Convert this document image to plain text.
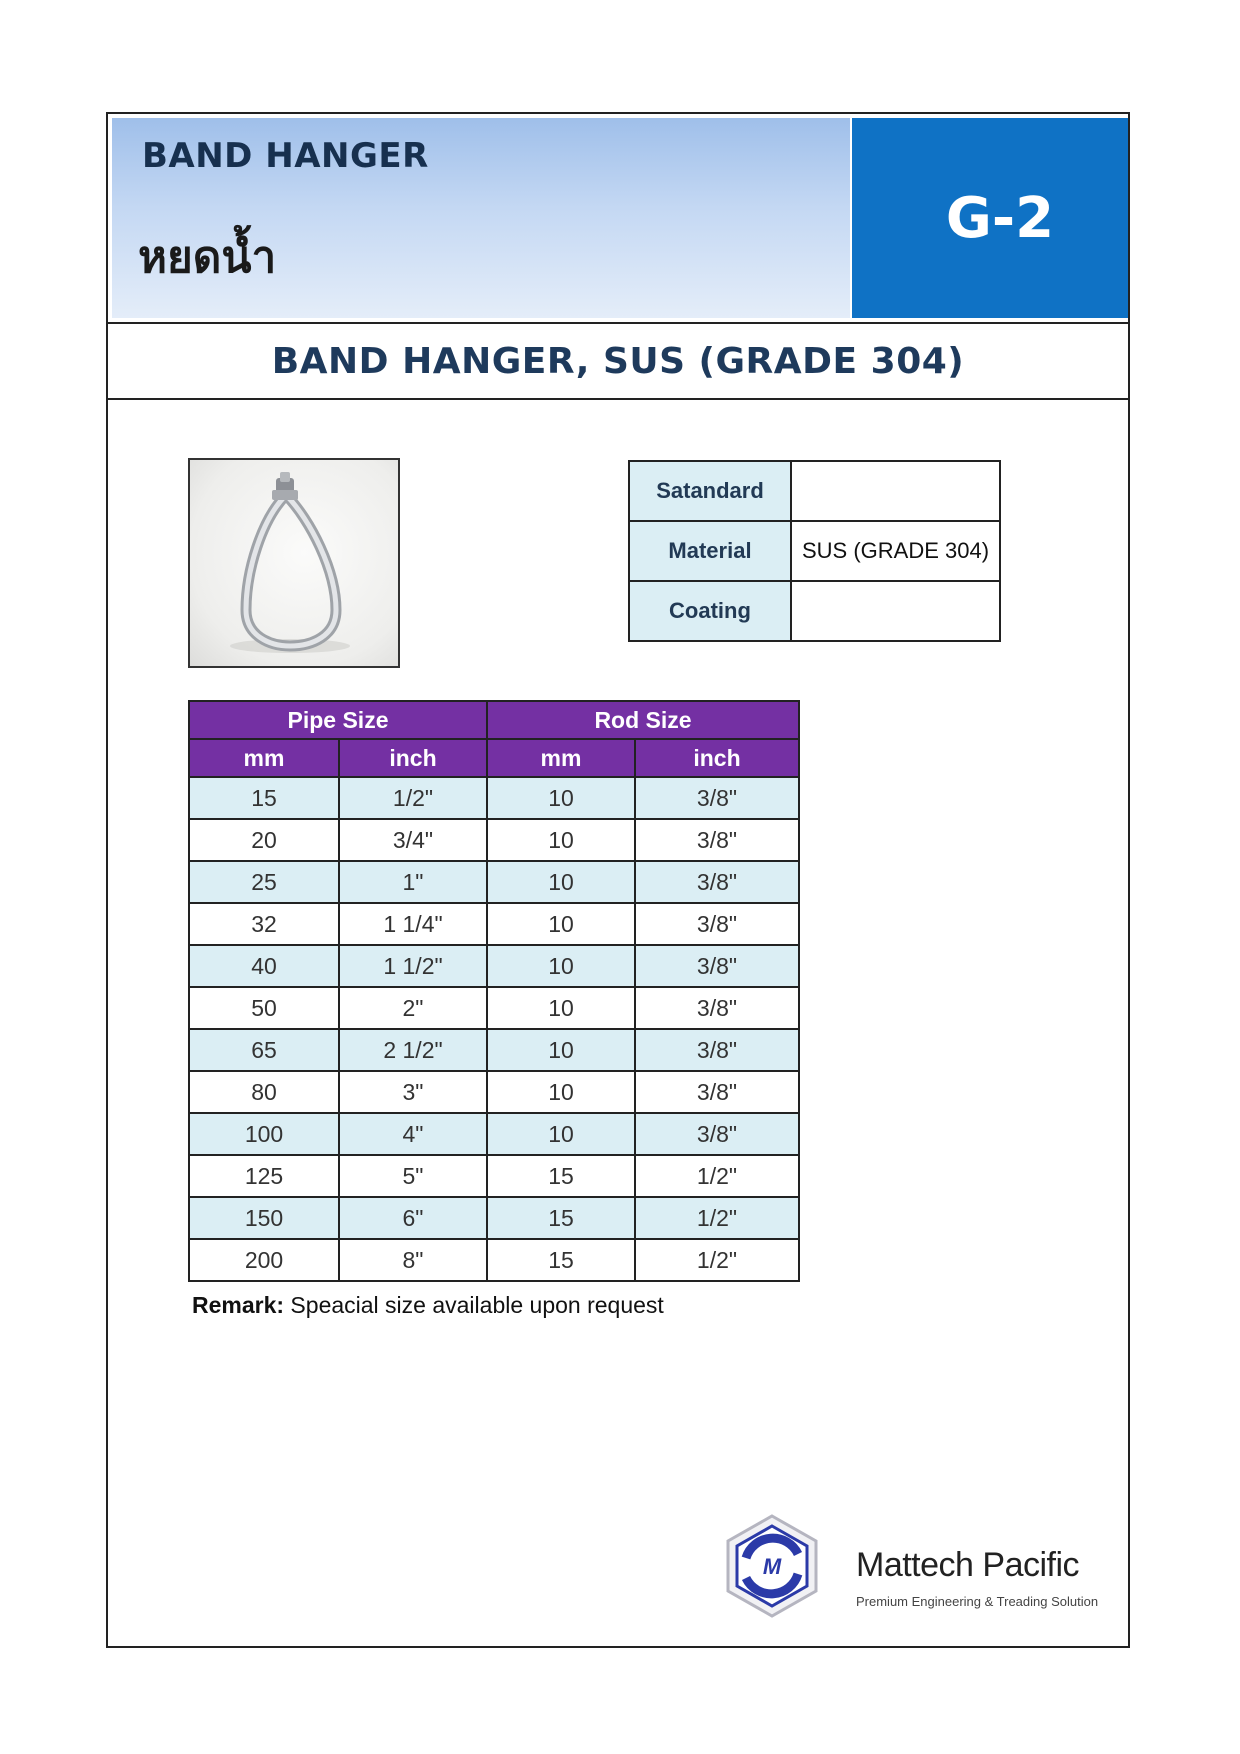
BAND HANGER
หยดน้ำ
G-2
BAND HANGER, SUS (GRADE 304)
Satandard	
Material	SUS (GRADE 304)
Coating	
Pipe Size		Rod Size	
mm	inch	mm	inch
15	1/2"	10	3/8"
20	3/4"	10	3/8"
25	1"	10	3/8"
32	1 1/4"	10	3/8"
40	1 1/2"	10	3/8"
50	2"	10	3/8"
65	2 1/2"	10	3/8"
80	3"	10	3/8"
100	4"	10	3/8"
125	5"	15	1/2"
150	6"	15	1/2"
200	8"	15	1/2"
Remark: Speacial size available upon request
M Mattech Pacific
Premium Engineering & Treading Solution
